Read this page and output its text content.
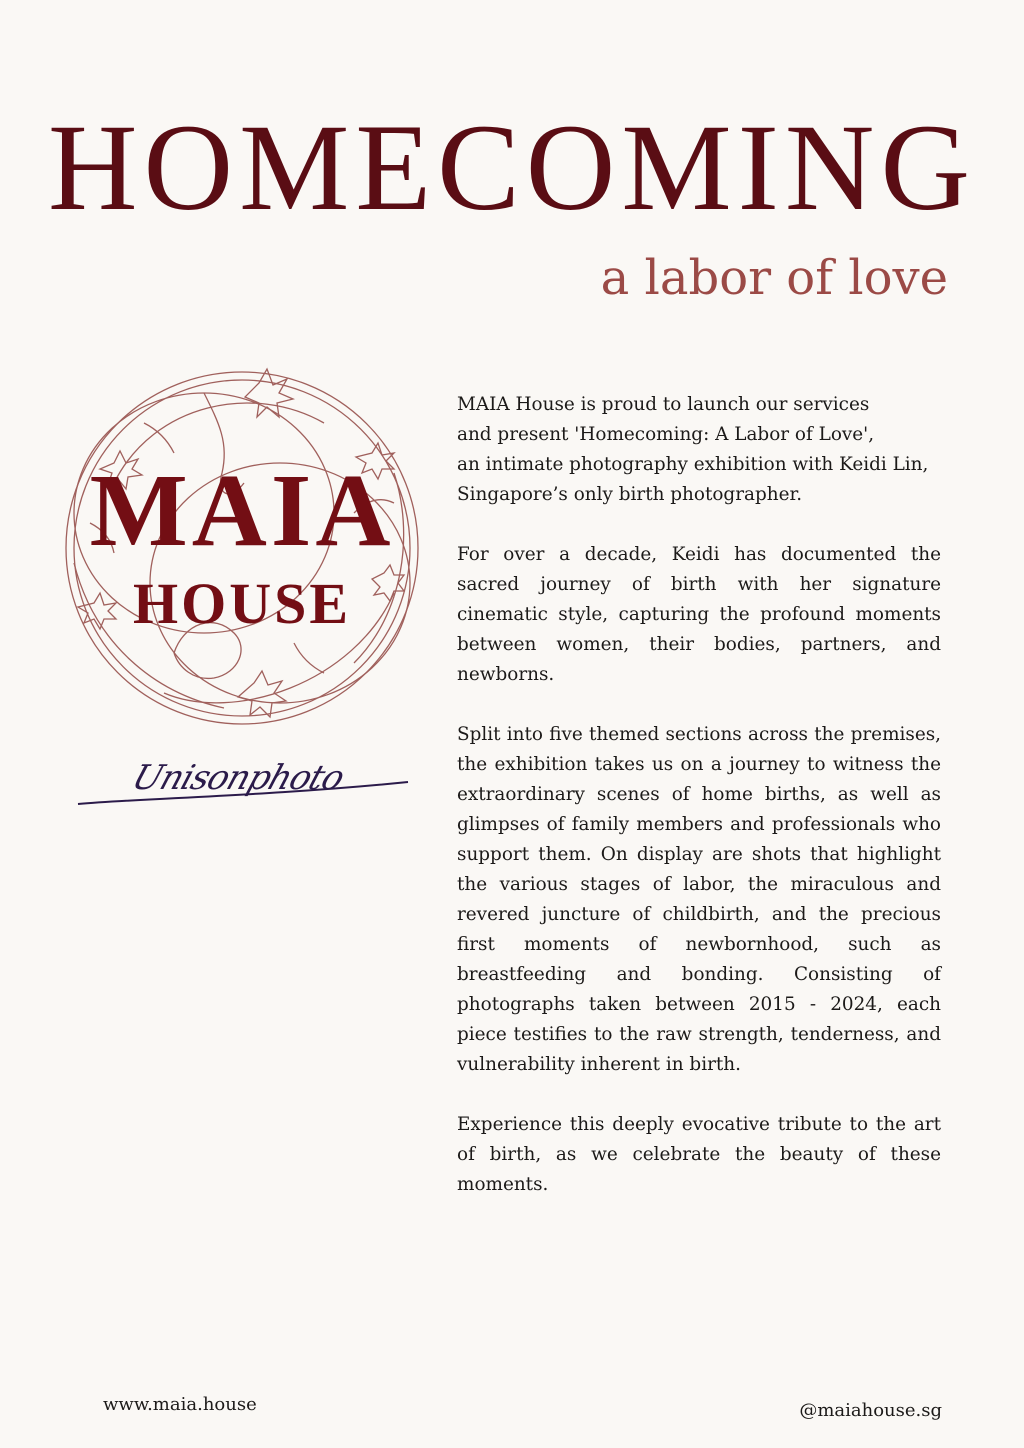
HOMECOMING
a labor of love
MAIA
HOUSE
Unisonphoto

MAIA House is proud to launch our services
and present 'Homecoming: A Labor of Love',
an intimate photography exhibition with Keidi Lin, Singapore’s only birth photographer.

For over a decade, Keidi has documented the sacred journey of birth with her signature cinematic style, capturing the profound moments between women, their bodies, partners, and newborns.

Split into five themed sections across the premises, the exhibition takes us on a journey to witness the extraordinary scenes of home births, as well as glimpses of family members and professionals who support them. On display are shots that highlight the various stages of labor, the miraculous and revered juncture of childbirth, and the precious first moments of newbornhood, such as breastfeeding and bonding. Consisting of photographs taken between 2015 - 2024, each piece testifies to the raw strength, tenderness, and vulnerability inherent in birth.

Experience this deeply evocative tribute to the art of birth, as we celebrate the beauty of these moments.

www.maia.house	@maiahouse.sg
